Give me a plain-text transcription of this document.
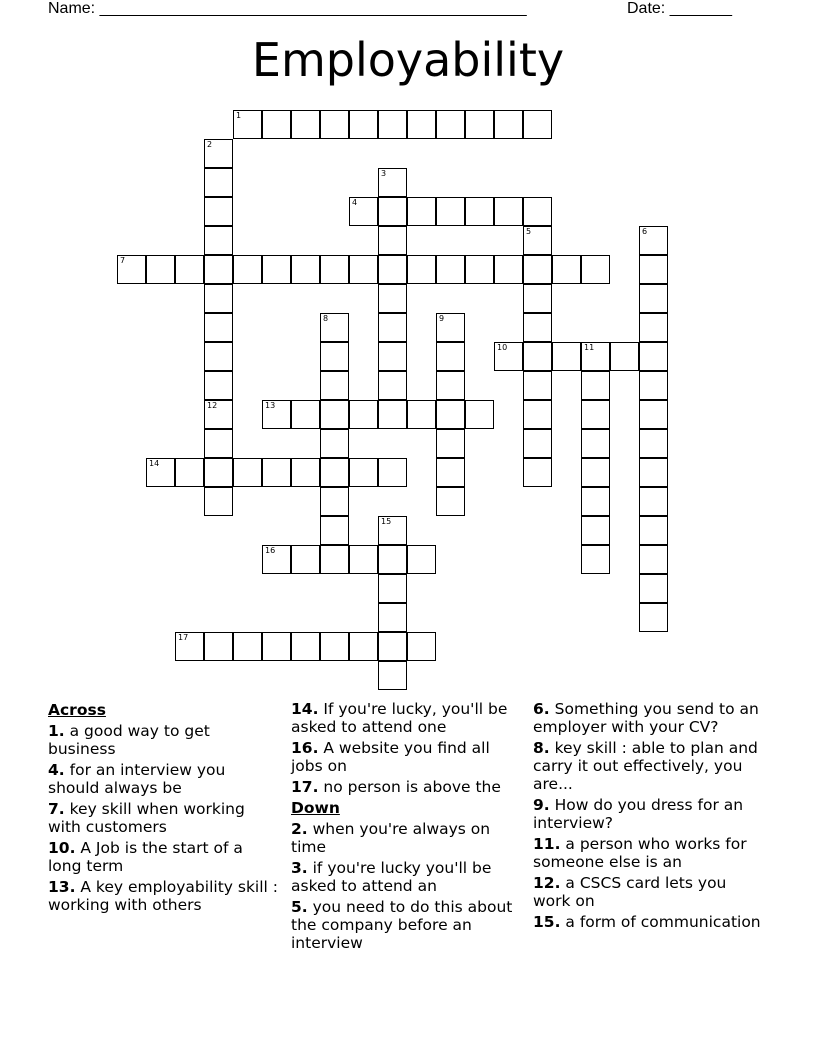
Name: ________________________________________________	Date: _______
Employability
1
2
3
4
5	6
7
8	9
10	11
12	13
14
15
16
17
Across
1. a good way to get business
4. for an interview you should always be
7. key skill when working with customers
10. A Job is the start of a long term
13. A key employability skill : working with others
14. If you're lucky, you'll be asked to attend one
16. A website you find all jobs on
17. no person is above the
Down
2. when you're always on time
3. if you're lucky you'll be asked to attend an
5. you need to do this about the company before an interview
6. Something you send to an employer with your CV?
8. key skill : able to plan and carry it out effectively, you are...
9. How do you dress for an interview?
11. a person who works for someone else is an
12. a CSCS card lets you work on
15. a form of communication
